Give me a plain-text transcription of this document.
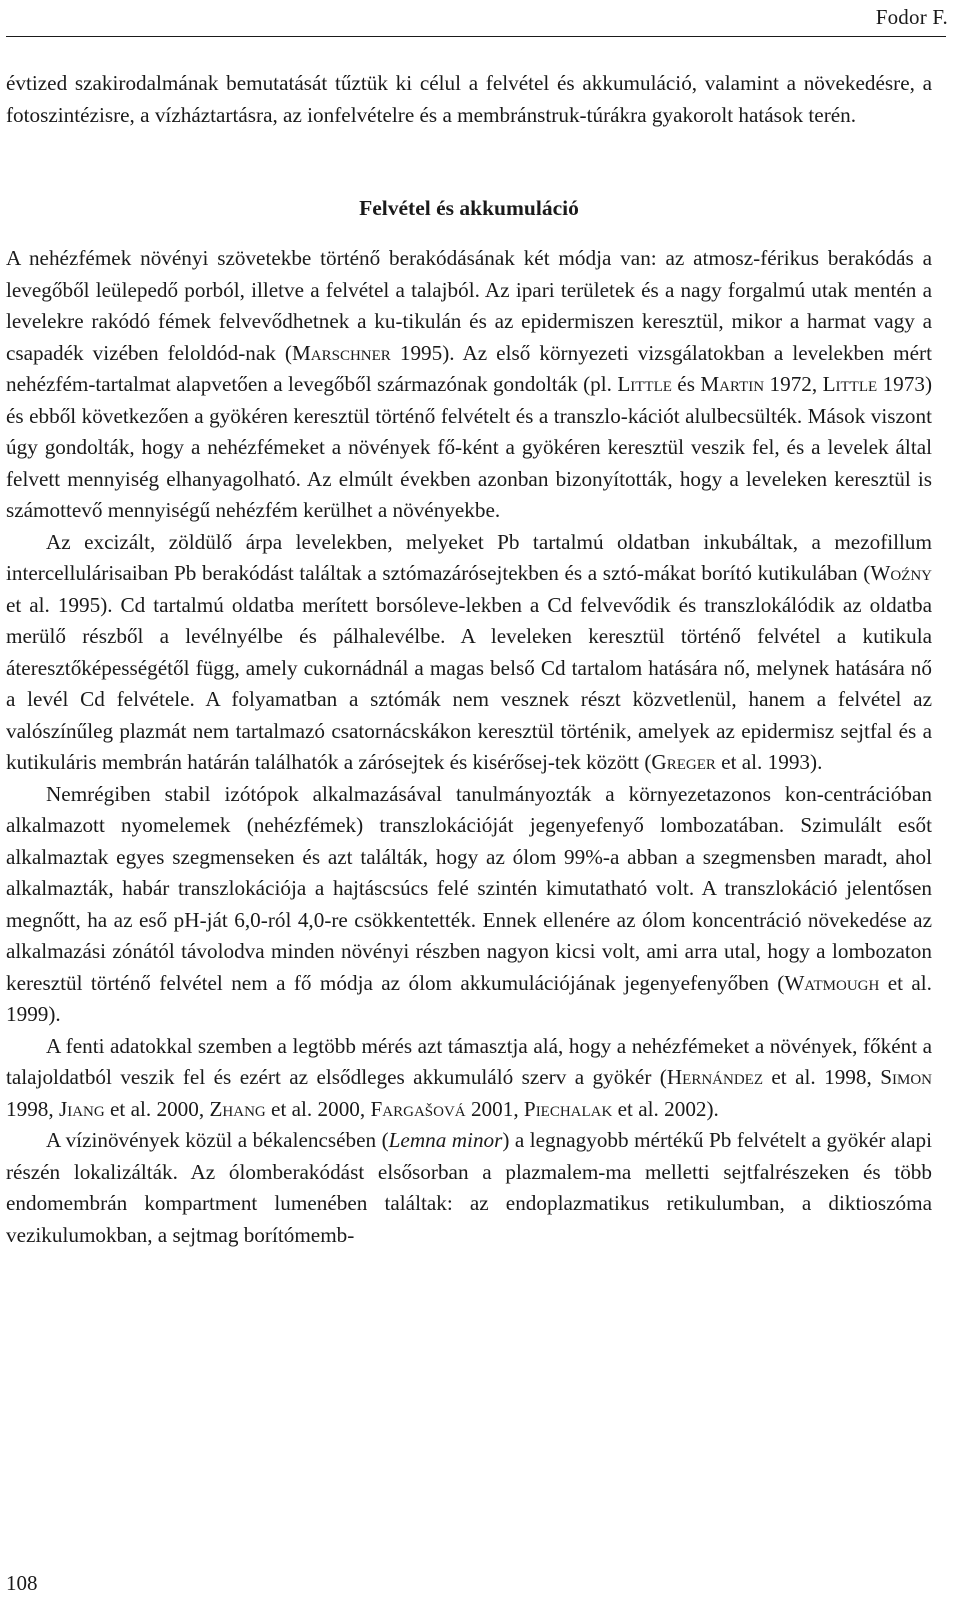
Fodor F.

évtized szakirodalmának bemutatását tűztük ki célul a felvétel és akkumuláció, valamint a növekedésre, a fotoszintézisre, a vízháztartásra, az ionfelvételre és a membránstruk-túrákra gyakorolt hatások terén.

Felvétel és akkumuláció

A nehézfémek növényi szövetekbe történő berakódásának két módja van: az atmosz-férikus berakódás a levegőből leülepedő porból, illetve a felvétel a talajból. Az ipari területek és a nagy forgalmú utak mentén a levelekre rakódó fémek felvevődhetnek a ku-tikulán és az epidermiszen keresztül, mikor a harmat vagy a csapadék vizében feloldód-nak (Marschner 1995). Az első környezeti vizsgálatokban a levelekben mért nehézfém-tartalmat alapvetően a levegőből származónak gondolták (pl. Little és Martin 1972, Little 1973) és ebből következően a gyökéren keresztül történő felvételt és a transzlo-kációt alulbecsülték. Mások viszont úgy gondolták, hogy a nehézfémeket a növények fő-ként a gyökéren keresztül veszik fel, és a levelek által felvett mennyiség elhanyagolható. Az elmúlt években azonban bizonyították, hogy a leveleken keresztül is számottevő mennyiségű nehézfém kerülhet a növényekbe.

Az excizált, zöldülő árpa levelekben, melyeket Pb tartalmú oldatban inkubáltak, a mezofillum intercellulárisaiban Pb berakódást találtak a sztómazárósejtekben és a sztó-mákat borító kutikulában (Woźny et al. 1995). Cd tartalmú oldatba merített borsóleve-lekben a Cd felvevődik és transzlokálódik az oldatba merülő részből a levélnyélbe és pálhalevélbe. A leveleken keresztül történő felvétel a kutikula áteresztőképességétől függ, amely cukornádnál a magas belső Cd tartalom hatására nő, melynek hatására nő a levél Cd felvétele. A folyamatban a sztómák nem vesznek részt közvetlenül, hanem a felvétel az valószínűleg plazmát nem tartalmazó csatornácskákon keresztül történik, amelyek az epidermisz sejtfal és a kutikuláris membrán határán találhatók a zárósejtek és kisérősej-tek között (Greger et al. 1993).

Nemrégiben stabil izótópok alkalmazásával tanulmányozták a környezetazonos kon-centrációban alkalmazott nyomelemek (nehézfémek) transzlokációját jegenyefenyő lombozatában. Szimulált esőt alkalmaztak egyes szegmenseken és azt találták, hogy az ólom 99%-a abban a szegmensben maradt, ahol alkalmazták, habár transzlokációja a hajtáscsúcs felé szintén kimutatható volt. A transzlokáció jelentősen megnőtt, ha az eső pH-ját 6,0-ról 4,0-re csökkentették. Ennek ellenére az ólom koncentráció növekedése az alkalmazási zónától távolodva minden növényi részben nagyon kicsi volt, ami arra utal, hogy a lombozaton keresztül történő felvétel nem a fő módja az ólom akkumulációjának jegenyefenyőben (Watmough et al. 1999).

A fenti adatokkal szemben a legtöbb mérés azt támasztja alá, hogy a nehézfémeket a növények, főként a talajoldatból veszik fel és ezért az elsődleges akkumuláló szerv a gyökér (Hernández et al. 1998, Simon 1998, Jiang et al. 2000, Zhang et al. 2000, Fargašová 2001, Piechalak et al. 2002).

A vízinövények közül a békalencsében (Lemna minor) a legnagyobb mértékű Pb felvételt a gyökér alapi részén lokalizálták. Az ólomberakódást elsősorban a plazmalem-ma melletti sejtfalrészeken és több endomembrán kompartment lumenében találtak: az endoplazmatikus retikulumban, a diktioszóma vezikulumokban, a sejtmag borítómemb-

108
